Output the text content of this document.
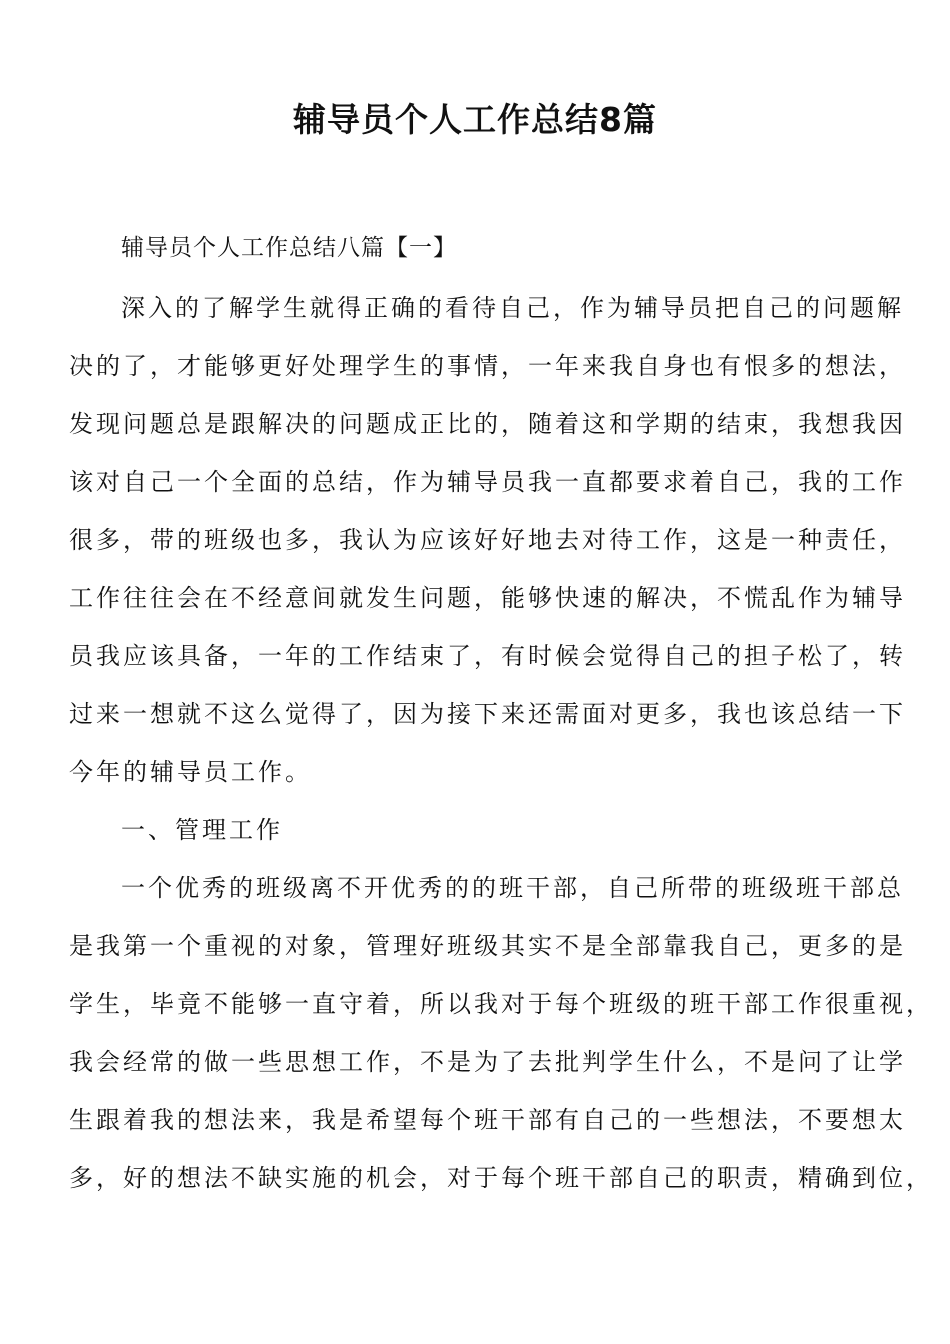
辅导员个人工作总结8篇
辅导员个人工作总结八篇【一】
深入的了解学生就得正确的看待自己，作为辅导员把自己的问题解
决的了，才能够更好处理学生的事情，一年来我自身也有恨多的想法，
发现问题总是跟解决的问题成正比的，随着这和学期的结束，我想我因
该对自己一个全面的总结，作为辅导员我一直都要求着自己，我的工作
很多，带的班级也多，我认为应该好好地去对待工作，这是一种责任，
工作往往会在不经意间就发生问题，能够快速的解决，不慌乱作为辅导
员我应该具备，一年的工作结束了，有时候会觉得自己的担子松了，转
过来一想就不这么觉得了，因为接下来还需面对更多，我也该总结一下
今年的辅导员工作。
一、管理工作
一个优秀的班级离不开优秀的的班干部，自己所带的班级班干部总
是我第一个重视的对象，管理好班级其实不是全部靠我自己，更多的是
学生，毕竟不能够一直守着，所以我对于每个班级的班干部工作很重视，
我会经常的做一些思想工作，不是为了去批判学生什么，不是问了让学
生跟着我的想法来，我是希望每个班干部有自己的一些想法，不要想太
多，好的想法不缺实施的机会，对于每个班干部自己的职责，精确到位，
